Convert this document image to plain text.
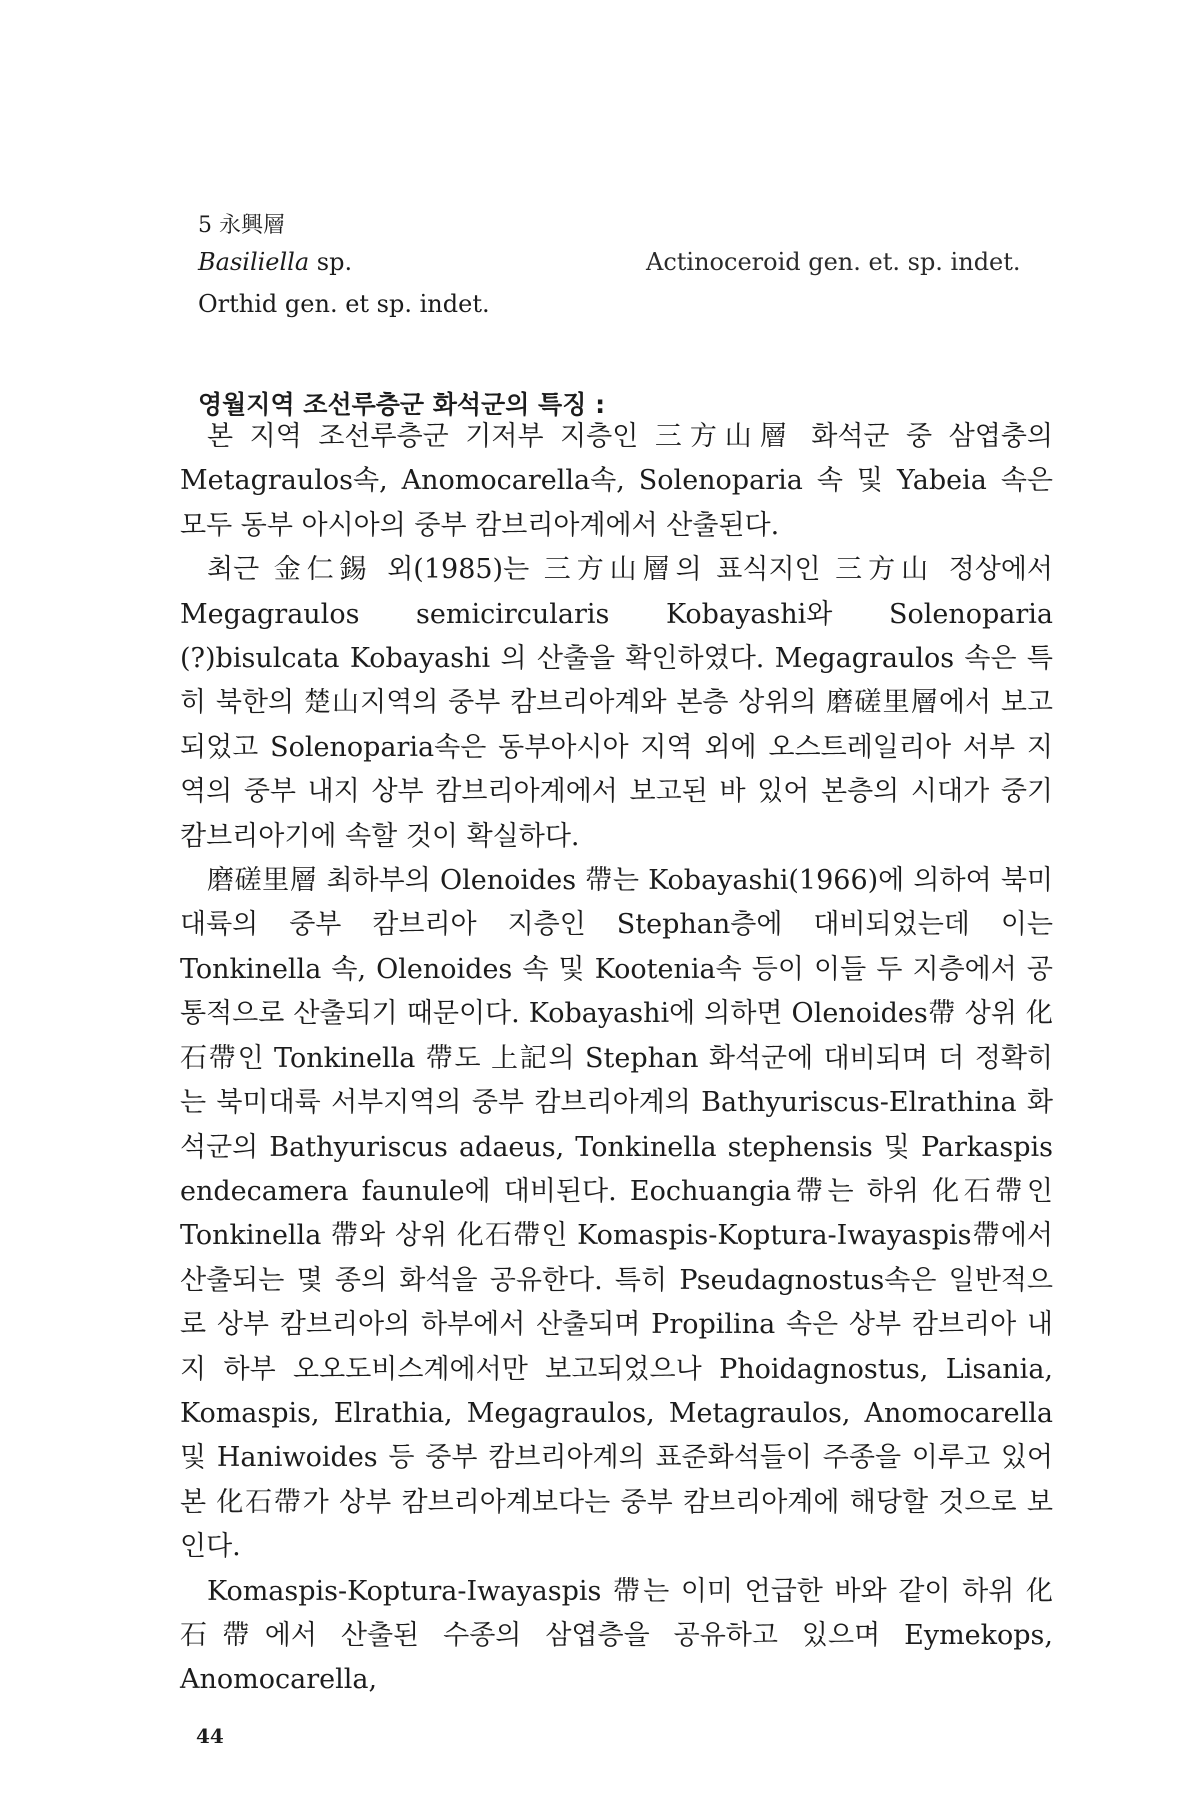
5 永興層
Basiliella sp.	Actinoceroid gen. et. sp. indet.
Orthid gen. et sp. indet.
영월지역 조선루층군 화석군의 특징 :

본 지역 조선루층군 기저부 지층인 三方山層 화석군 중 삼엽충의 Metagraulos속, Anomocarella속, Solenoparia 속 및 Yabeia 속은 모두 동부 아시아의 중부 캄브리아계에서 산출된다.

최근 金仁錫 외(1985)는 三方山層의 표식지인 三方山 정상에서 Megagraulos semicircularis Kobayashi와 Solenoparia (?)bisulcata Kobayashi 의 산출을 확인하였다. Megagraulos 속은 특히 북한의 楚山지역의 중부 캄브리아계와 본층 상위의 磨磋里層에서 보고되었고 Solenoparia속은 동부아시아 지역 외에 오스트레일리아 서부 지역의 중부 내지 상부 캄브리아계에서 보고된 바 있어 본층의 시대가 중기 캄브리아기에 속할 것이 확실하다.

磨磋里層 최하부의 Olenoides 帶는 Kobayashi(1966)에 의하여 북미 대륙의 중부 캄브리아 지층인 Stephan층에 대비되었는데 이는 Tonkinella 속, Olenoides 속 및 Kootenia속 등이 이들 두 지층에서 공통적으로 산출되기 때문이다. Kobayashi에 의하면 Olenoides帶 상위 化石帶인 Tonkinella 帶도 上記의 Stephan 화석군에 대비되며 더 정확히는 북미대륙 서부지역의 중부 캄브리아계의 Bathyuriscus-Elrathina 화석군의 Bathyuriscus adaeus, Tonkinella stephensis 및 Parkaspis endecamera faunule에 대비된다. Eochuangia帶는 하위 化石帶인 Tonkinella 帶와 상위 化石帶인 Komaspis-Koptura-Iwayaspis帶에서 산출되는 몇 종의 화석을 공유한다. 특히 Pseudagnostus속은 일반적으로 상부 캄브리아의 하부에서 산출되며 Propilina 속은 상부 캄브리아 내지 하부 오오도비스계에서만 보고되었으나 Phoidagnostus, Lisania, Komaspis, Elrathia, Megagraulos, Metagraulos, Anomocarella 및 Haniwoides 등 중부 캄브리아계의 표준화석들이 주종을 이루고 있어 본 化石帶가 상부 캄브리아계보다는 중부 캄브리아계에 해당할 것으로 보인다.

Komaspis-Koptura-Iwayaspis 帶는 이미 언급한 바와 같이 하위 化石帶에서 산출된 수종의 삼엽층을 공유하고 있으며 Eymekops, Anomocarella,

44
